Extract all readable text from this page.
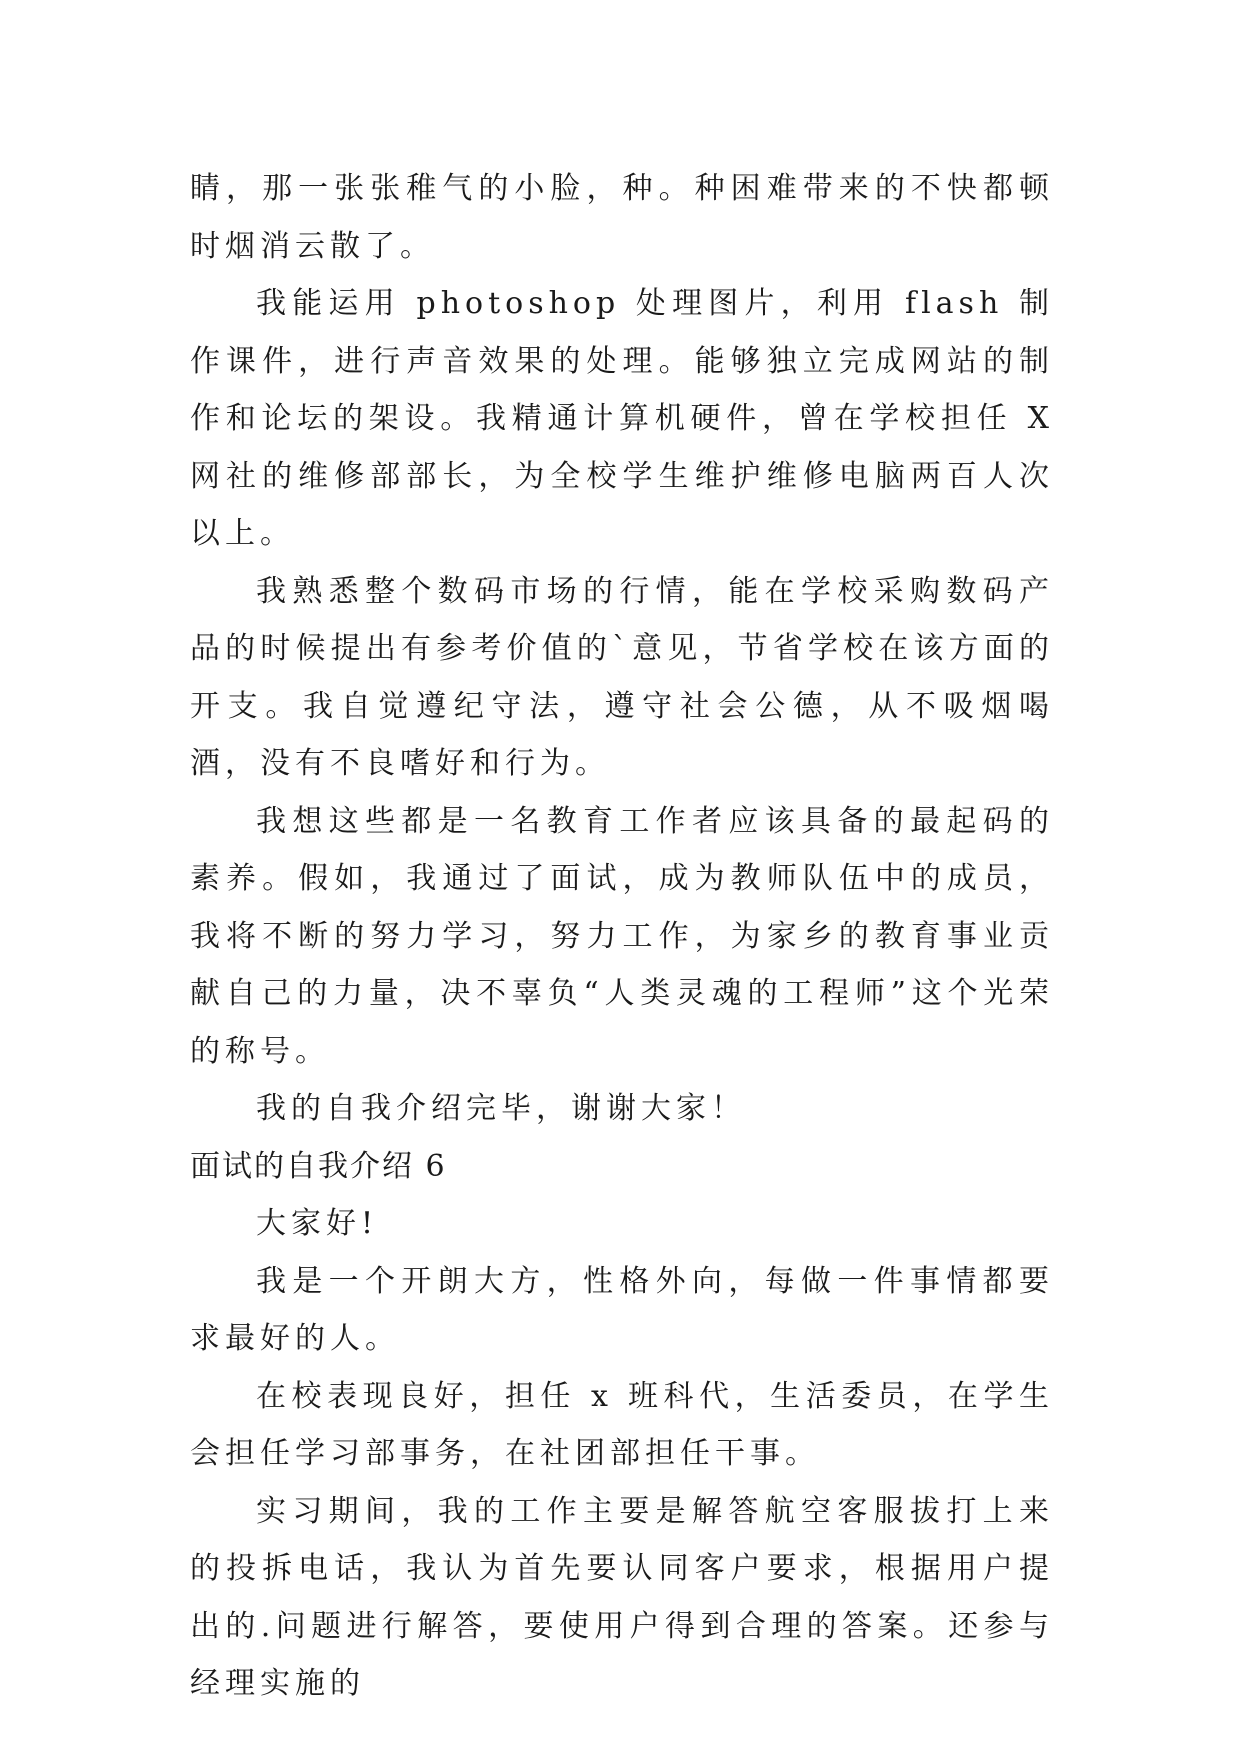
睛，那一张张稚气的小脸，种。种困难带来的不快都顿时烟消云散了。

我能运用 photoshop 处理图片，利用 flash 制作课件，进行声音效果的处理。能够独立完成网站的制作和论坛的架设。我精通计算机硬件，曾在学校担任 X 网社的维修部部长，为全校学生维护维修电脑两百人次以上。

我熟悉整个数码市场的行情，能在学校采购数码产品的时候提出有参考价值的`意见，节省学校在该方面的开支。我自觉遵纪守法，遵守社会公德，从不吸烟喝酒，没有不良嗜好和行为。

我想这些都是一名教育工作者应该具备的最起码的素养。假如，我通过了面试，成为教师队伍中的成员，我将不断的努力学习，努力工作，为家乡的教育事业贡献自己的力量，决不辜负“人类灵魂的工程师”这个光荣的称号。

我的自我介绍完毕，谢谢大家！

面试的自我介绍 6

大家好!

我是一个开朗大方，性格外向，每做一件事情都要求最好的人。

在校表现良好，担任 x 班科代，生活委员，在学生会担任学习部事务，在社团部担任干事。

实习期间，我的工作主要是解答航空客服拔打上来的投拆电话，我认为首先要认同客户要求，根据用户提出的.问题进行解答，要使用户得到合理的答案。还参与经理实施的
